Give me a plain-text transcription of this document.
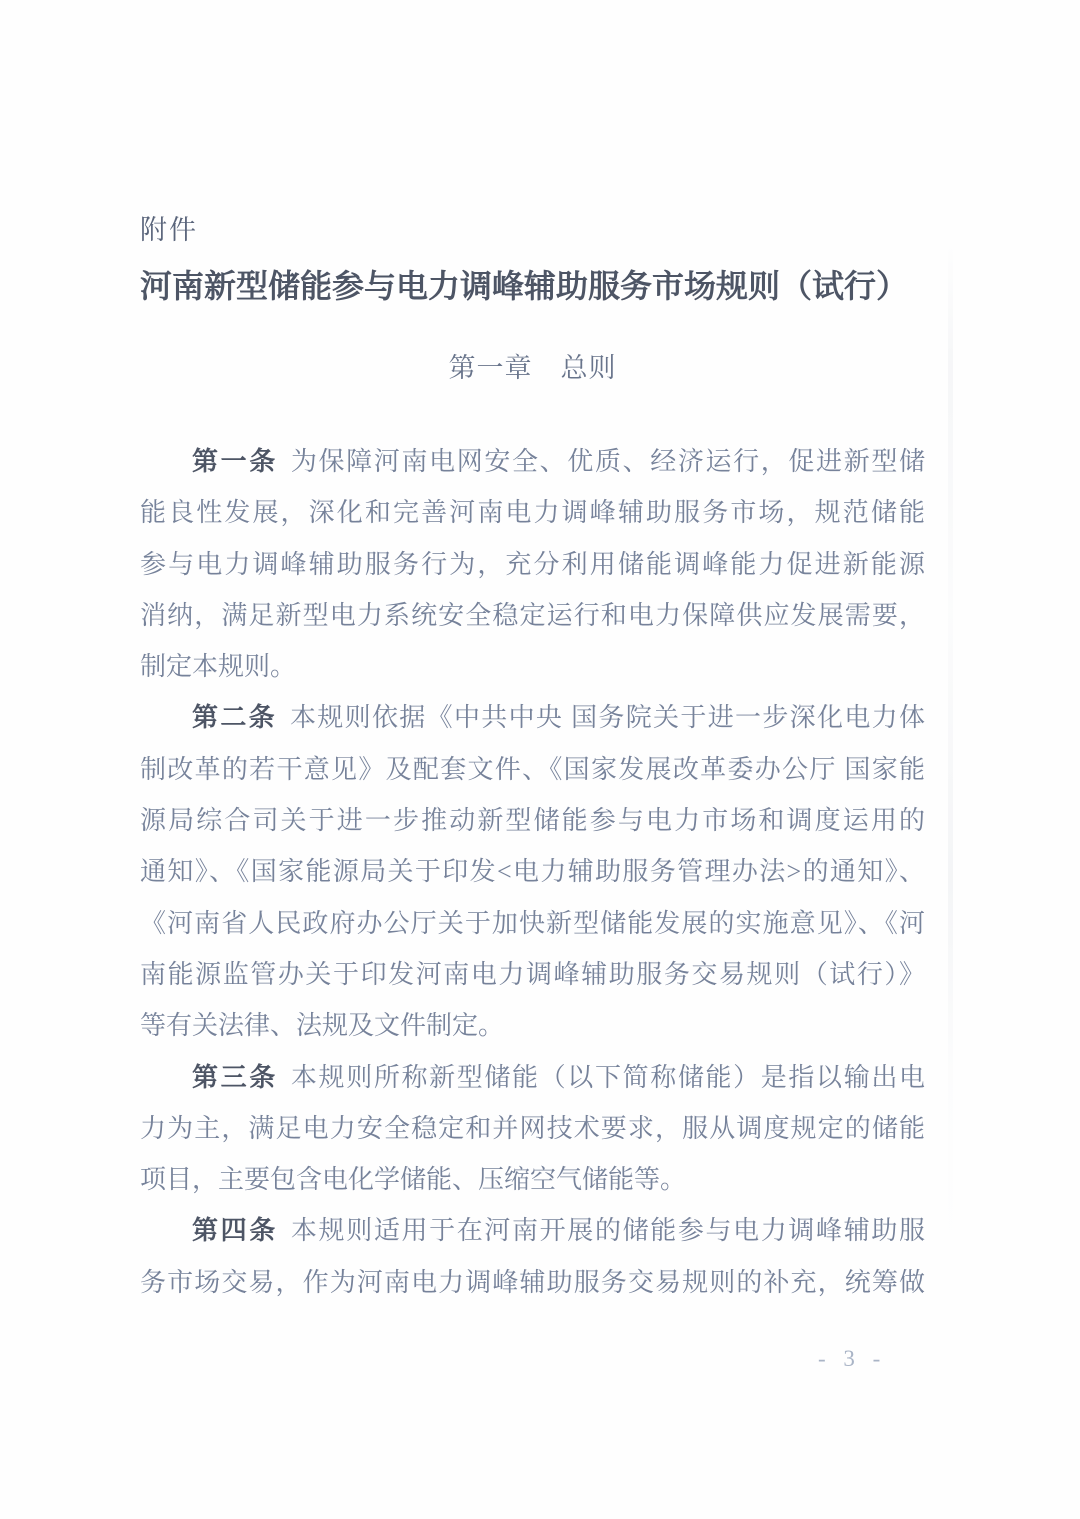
附件
河南新型储能参与电力调峰辅助服务市场规则（试行）
第一章　总则
第一条 为保障河南电网安全、优质、经济运行，促进新型储
能良性发展，深化和完善河南电力调峰辅助服务市场，规范储能
参与电力调峰辅助服务行为，充分利用储能调峰能力促进新能源
消纳，满足新型电力系统安全稳定运行和电力保障供应发展需要，
制定本规则。
第二条 本规则依据《中共中央 国务院关于进一步深化电力体
制改革的若干意见》及配套文件、《国家发展改革委办公厅 国家能
源局综合司关于进一步推动新型储能参与电力市场和调度运用的
通知》、《国家能源局关于印发<电力辅助服务管理办法>的通知》、
《河南省人民政府办公厅关于加快新型储能发展的实施意见》、《河
南能源监管办关于印发河南电力调峰辅助服务交易规则（试行）》
等有关法律、法规及文件制定。
第三条 本规则所称新型储能（以下简称储能）是指以输出电
力为主，满足电力安全稳定和并网技术要求，服从调度规定的储能
项目，主要包含电化学储能、压缩空气储能等。
第四条 本规则适用于在河南开展的储能参与电力调峰辅助服
务市场交易，作为河南电力调峰辅助服务交易规则的补充，统筹做
- 3 -
